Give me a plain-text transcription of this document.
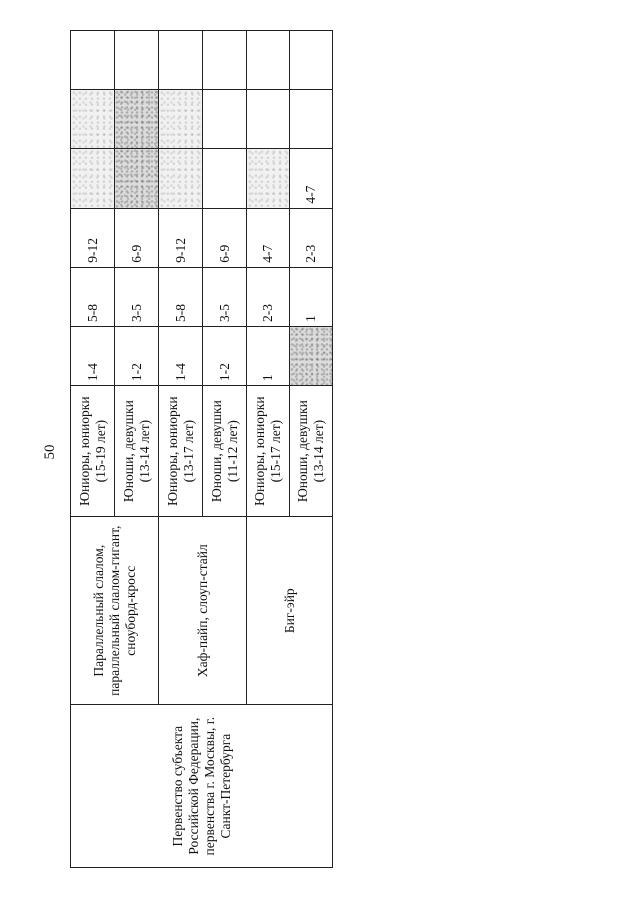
50
Первенство субъекта Российской Федерации, первенства г. Москвы, г. Санкт-Петербурга	Параллельный слалом, параллельный слалом-гигант, сноуборд-кросс	Юниоры, юниорки (15-19 лет)	1-4	5-8	9-12			
		Юноши, девушки (13-14 лет)	1-2	3-5	6-9			
	Хаф-пайп, слоуп-стайл	Юниоры, юниорки (13-17 лет)	1-4	5-8	9-12			
		Юноши, девушки (11-12 лет)	1-2	3-5	6-9			
	Биг-эйр	Юниоры, юниорки (15-17 лет)	1	2-3	4-7			
		Юноши, девушки (13-14 лет)		1	2-3	4-7		
